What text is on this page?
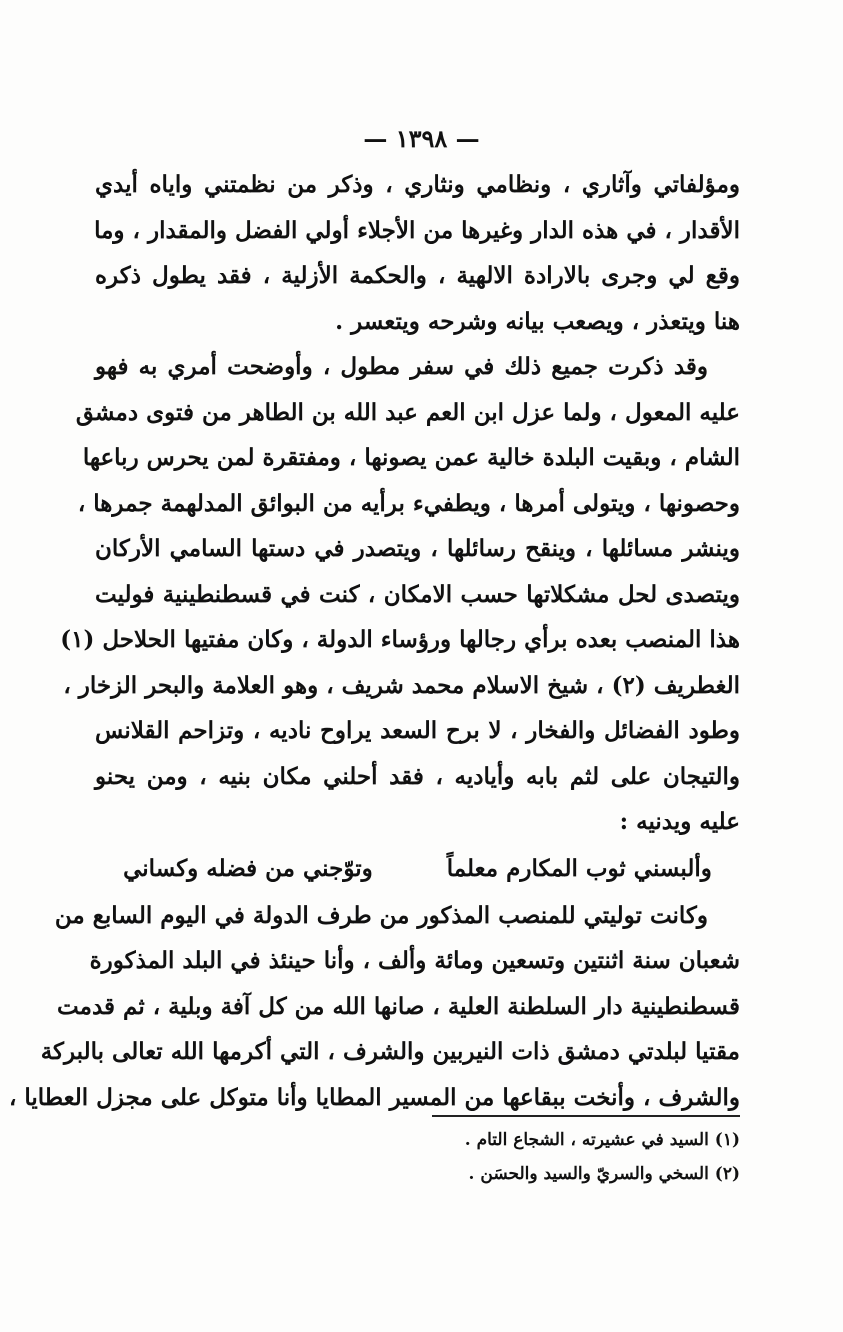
— ١٣٩٨ —
ومؤلفاتي وآثاري ، ونظامي ونثاري ، وذكر من نظمتني واياه أيدي
الأقدار ، في هذه الدار وغيرها من الأجلاء أولي الفضل والمقدار ، وما
وقع لي وجرى بالارادة الالهية ، والحكمة الأزلية ، فقد يطول ذكره
هنا ويتعذر ، ويصعب بيانه وشرحه ويتعسر .
وقد ذكرت جميع ذلك في سفر مطول ، وأوضحت أمري به فهو
عليه المعول ، ولما عزل ابن العم عبد الله بن الطاهر من فتوى دمشق
الشام ، وبقيت البلدة خالية عمن يصونها ، ومفتقرة لمن يحرس رباعها
وحصونها ، ويتولى أمرها ، ويطفيء برأيه من البوائق المدلهمة جمرها ،
وينشر مسائلها ، وينقح رسائلها ، ويتصدر في دستها السامي الأركان
ويتصدى لحل مشكلاتها حسب الامكان ، كنت في قسطنطينية فوليت
هذا المنصب بعده برأي رجالها ورؤساء الدولة ، وكان مفتيها الحلاحل (١)
الغطريف (٢) ، شيخ الاسلام محمد شريف ، وهو العلامة والبحر الزخار ،
وطود الفضائل والفخار ، لا برح السعد يراوح ناديه ، وتزاحم القلانس
والتيجان على لثم بابه وأياديه ، فقد أحلني مكان بنيه ، ومن يحنو
عليه ويدنيه :
وألبسني ثوب المكارم معلماً  وتوّجني من فضله وكساني
وكانت توليتي للمنصب المذكور من طرف الدولة في اليوم السابع من
شعبان سنة اثنتين وتسعين ومائة وألف ، وأنا حينئذ في البلد المذكورة
قسطنطينية دار السلطنة العلية ، صانها الله من كل آفة وبلية ، ثم قدمت
مقتيا لبلدتي دمشق ذات النيربين والشرف ، التي أكرمها الله تعالى بالبركة
والشرف ، وأنخت ببقاعها من المسير المطايا وأنا متوكل على مجزل العطايا ،
(١) السيد في عشيرته ، الشجاع التام .
(٢) السخي والسريّ والسيد والحسَن .
